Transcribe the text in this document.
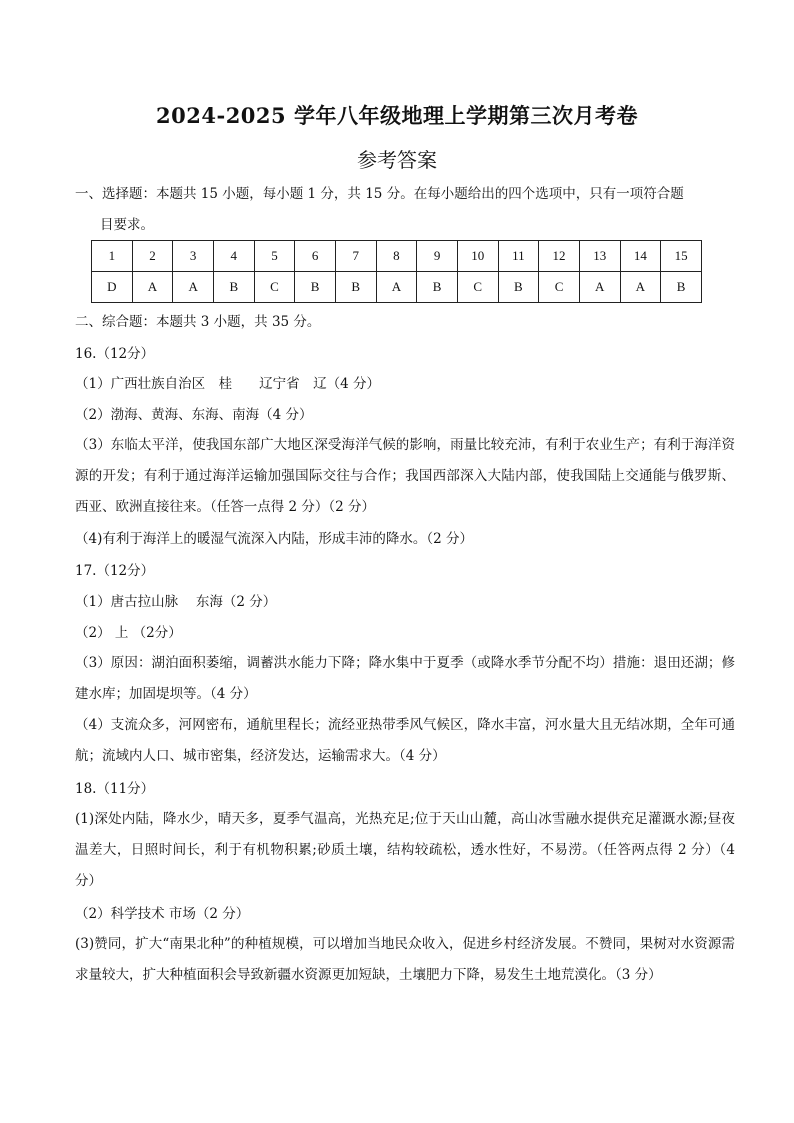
2024-2025 学年八年级地理上学期第三次月考卷
参考答案
一、选择题：本题共 15 小题，每小题 1 分，共 15 分。在每小题给出的四个选项中，只有一项符合题
目要求。
1	2	3	4	5	6	7	8	9	10	11	12	13	14	15
D	A	A	B	C	B	B	A	B	C	B	C	A	A	B
二、综合题：本题共 3 小题，共 35 分。
16.（12分）
（1）广西壮族自治区　桂　　辽宁省　辽（4 分）
（2）渤海、黄海、东海、南海（4 分）
（3）东临太平洋，使我国东部广大地区深受海洋气候的影响，雨量比较充沛，有利于农业生产；有利于海洋资源的开发；有利于通过海洋运输加强国际交往与合作；我国西部深入大陆内部，使我国陆上交通能与俄罗斯、西亚、欧洲直接往来。（任答一点得 2 分）（2 分）
（4)有利于海洋上的暖湿气流深入内陆，形成丰沛的降水。（2 分）
17.（12分）
（1）唐古拉山脉　 东海（2 分）
（2） 上 （2分）
（3）原因：湖泊面积萎缩，调蓄洪水能力下降；降水集中于夏季（或降水季节分配不均）措施：退田还湖；修建水库；加固堤坝等。（4 分）
（4）支流众多，河网密布，通航里程长；流经亚热带季风气候区，降水丰富，河水量大且无结冰期，全年可通航；流域内人口、城市密集，经济发达，运输需求大。（4 分）
18.（11分）
(1)深处内陆，降水少，晴天多，夏季气温高，光热充足;位于天山山麓，高山冰雪融水提供充足灌溉水源;昼夜温差大，日照时间长，利于有机物积累;砂质土壤，结构较疏松，透水性好，不易涝。（任答两点得 2 分）（4 分）
（2）科学技术 市场（2 分）
(3)赞同，扩大“南果北种”的种植规模，可以增加当地民众收入，促进乡村经济发展。不赞同，果树对水资源需求量较大，扩大种植面积会导致新疆水资源更加短缺，土壤肥力下降，易发生土地荒漠化。（3 分）
